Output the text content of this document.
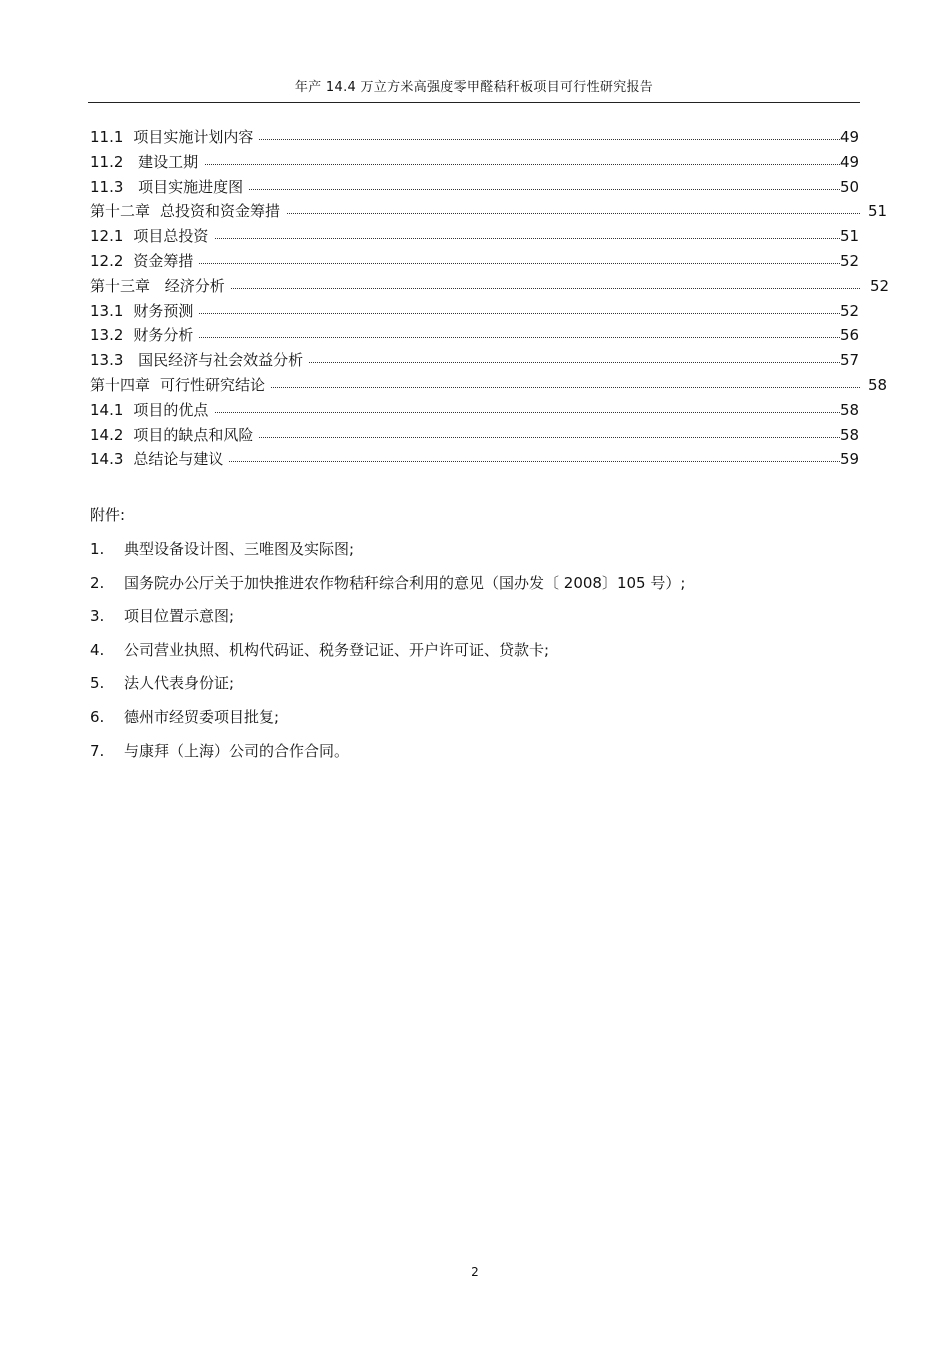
年产 14.4 万立方米高强度零甲醛秸秆板项目可行性研究报告
11.1 项目实施计划内容	49
11.2 建设工期	49
11.3 项目实施进度图	50
第十二章 总投资和资金筹措	51
12.1 项目总投资	51
12.2 资金筹措	52
第十三章 经济分析	52
13.1 财务预测	52
13.2 财务分析	56
13.3 国民经济与社会效益分析	57
第十四章 可行性研究结论	58
14.1 项目的优点	58
14.2 项目的缺点和风险	58
14.3 总结论与建议	59
附件:
1. 典型设备设计图、三唯图及实际图;
2. 国务院办公厅关于加快推进农作物秸秆综合利用的意见（国办发〔 2008〕105 号）;
3. 项目位置示意图;
4. 公司营业执照、机构代码证、税务登记证、开户许可证、贷款卡;
5. 法人代表身份证;
6. 德州市经贸委项目批复;
7. 与康拜（上海）公司的合作合同。
2
